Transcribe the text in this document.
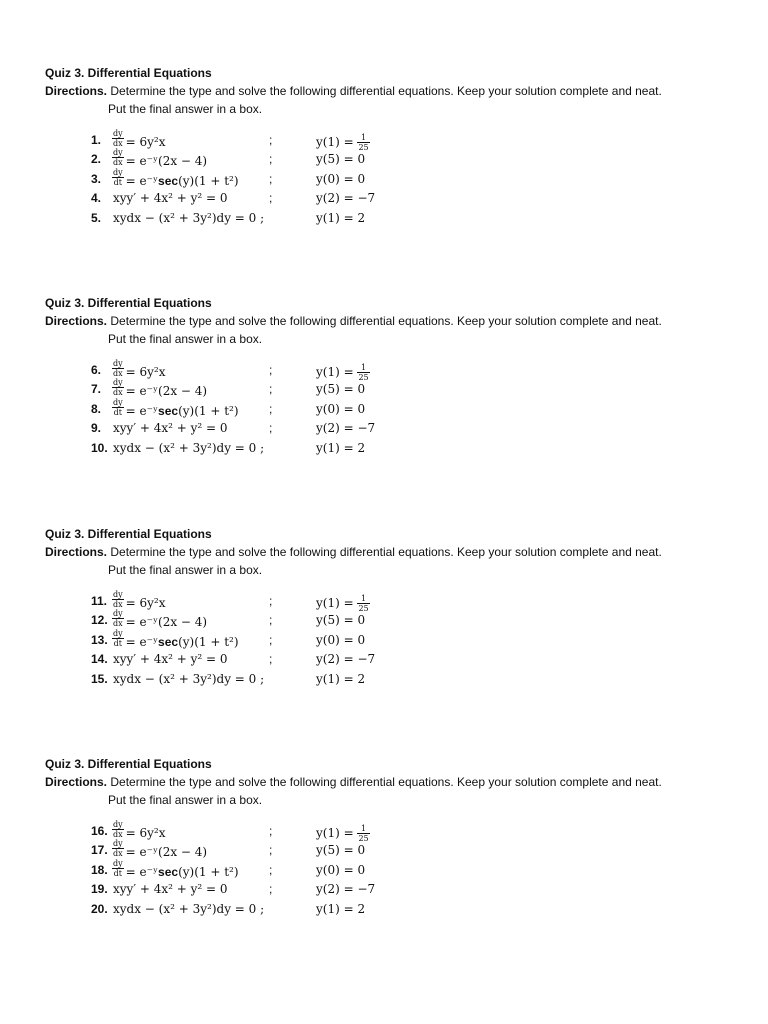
Quiz 3. Differential Equations
Directions. Determine the type and solve the following differential equations. Keep your solution complete and neat.
Put the final answer in a box.
1. $\frac{dy}{dx} = 6y^2x$	;	$y(1) = \frac{1}{25}$
2. $\frac{dy}{dx}$ = e⁻ʸ(2x − 4)	;	y(5) = 0
3. $\frac{dy}{dt}$ = e⁻ʸsec(y)(1 + t²)	;	y(0) = 0
4. xyy′ + 4x² + y² = 0	;	y(2) = −7
5. xydx − (x² + 3y²)dy = 0 ;	y(1) = 2
Quiz 3. Differential Equations
Directions. Determine the type and solve the following differential equations. Keep your solution complete and neat.
Put the final answer in a box.
6. $\frac{dy}{dx} = 6y^2x$	;	$y(1) = \frac{1}{25}$
7. $\frac{dy}{dx}$ = e⁻ʸ(2x − 4)	;	y(5) = 0
8. $\frac{dy}{dt}$ = e⁻ʸsec(y)(1 + t²)	;	y(0) = 0
9. xyy′ + 4x² + y² = 0	;	y(2) = −7
10. xydx − (x² + 3y²)dy = 0 ;	y(1) = 2
Quiz 3. Differential Equations
Directions. Determine the type and solve the following differential equations. Keep your solution complete and neat.
Put the final answer in a box.
11. $\frac{dy}{dx} = 6y^2x$	;	$y(1) = \frac{1}{25}$
12. $\frac{dy}{dx}$ = e⁻ʸ(2x − 4)	;	y(5) = 0
13. $\frac{dy}{dt}$ = e⁻ʸsec(y)(1 + t²)	;	y(0) = 0
14. xyy′ + 4x² + y² = 0	;	y(2) = −7
15. xydx − (x² + 3y²)dy = 0 ;	y(1) = 2
Quiz 3. Differential Equations
Directions. Determine the type and solve the following differential equations. Keep your solution complete and neat.
Put the final answer in a box.
16. $\frac{dy}{dx} = 6y^2x$	;	$y(1) = \frac{1}{25}$
17. $\frac{dy}{dx}$ = e⁻ʸ(2x − 4)	;	y(5) = 0
18. $\frac{dy}{dt}$ = e⁻ʸsec(y)(1 + t²)	;	y(0) = 0
19. xyy′ + 4x² + y² = 0	;	y(2) = −7
20. xydx − (x² + 3y²)dy = 0 ;	y(1) = 2
